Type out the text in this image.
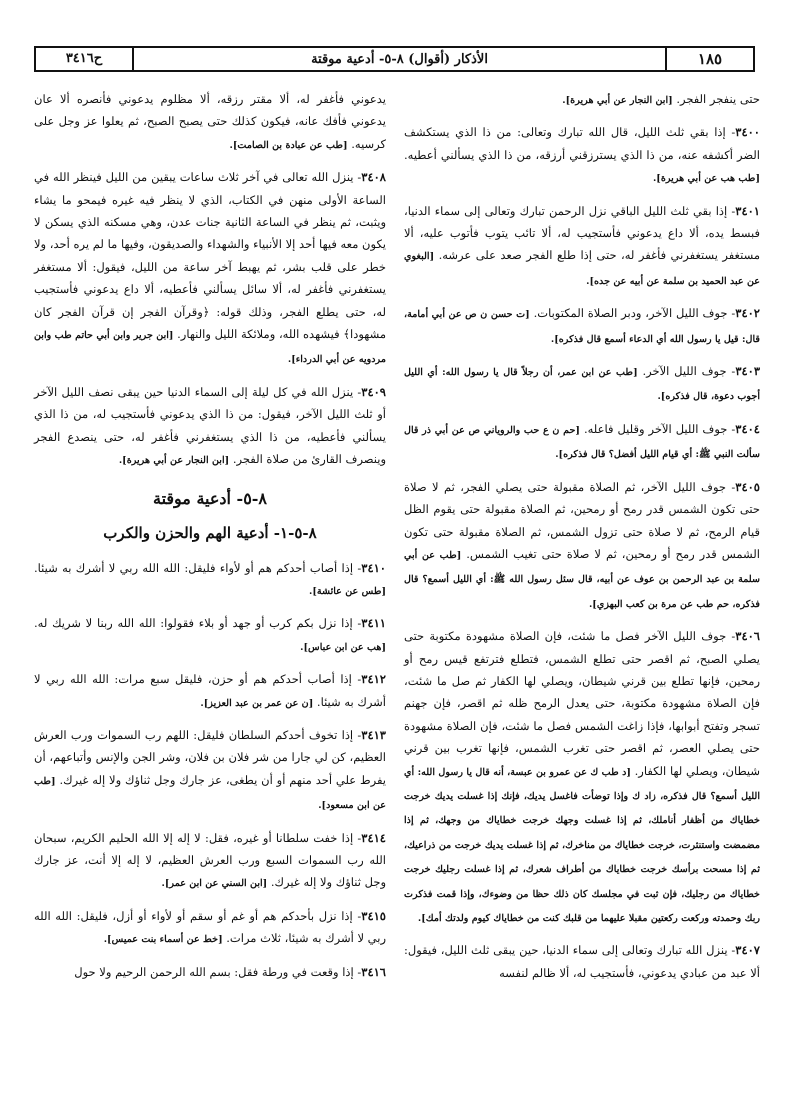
١٨٥
الأذكار (أقوال) ٨-٥- أدعية موقتة
ح٣٤١٦

حتى ينفجر الفجر. [ابن النجار عن أبي هريرة].

٣٤٠٠- إذا بقي ثلث الليل، قال الله تبارك وتعالى: من ذا الذي يستكشف الضر أكشفه عنه، من ذا الذي يسترزقني أرزقه، من ذا الذي يسألني أعطيه. [طب هب عن أبي هريرة].

٣٤٠١- إذا بقي ثلث الليل الباقي نزل الرحمن تبارك وتعالى إلى سماء الدنيا، فبسط يده، ألا داع يدعوني فأستجيب له، ألا تائب يتوب فأتوب عليه، ألا مستغفر يستغفرني فأغفر له، حتى إذا طلع الفجر صعد على عرشه. [البغوي عن عبد الحميد بن سلمة عن أبيه عن جده].

٣٤٠٢- جوف الليل الآخر، ودبر الصلاة المكتوبات. [ت حسن ن ص عن أبي أمامة، قال: قيل يا رسول الله أي الدعاء أسمع قال فذكره].

٣٤٠٣- جوف الليل الآخر. [طب عن ابن عمر، أن رجلاً قال يا رسول الله: أي الليل أجوب دعوة، قال فذكره].

٣٤٠٤- جوف الليل الآخر وقليل فاعله. [حم ن ع حب والروياني ص عن أبي ذر قال سألت النبي ﷺ: أي قيام الليل أفضل؟ قال فذكره].

٣٤٠٥- جوف الليل الآخر، ثم الصلاة مقبولة حتى يصلي الفجر، ثم لا صلاة حتى تكون الشمس قدر رمح أو رمحين، ثم الصلاة مقبولة حتى يقوم الظل قيام الرمح، ثم لا صلاة حتى تزول الشمس، ثم الصلاة مقبولة حتى تكون الشمس قدر رمح أو رمحين، ثم لا صلاة حتى تغيب الشمس. [طب عن أبي سلمة بن عبد الرحمن بن عوف عن أبيه، قال سئل رسول الله ﷺ: أي الليل أسمع؟ قال فذكره، حم طب عن مرة بن كعب البهزي].

٣٤٠٦- جوف الليل الآخر فصل ما شئت، فإن الصلاة مشهودة مكتوبة حتى يصلي الصبح، ثم اقصر حتى تطلع الشمس، فتطلع فترتفع قيس رمح أو رمحين، فإنها تطلع بين قرني شيطان، ويصلي لها الكفار ثم صل ما شئت، فإن الصلاة مشهودة مكتوبة، حتى يعدل الرمح ظله ثم اقصر، فإن جهنم تسجر وتفتح أبوابها، فإذا زاغت الشمس فصل ما شئت، فإن الصلاة مشهودة حتى يصلي العصر، ثم اقصر حتى تغرب الشمس، فإنها تغرب بين قرني شيطان، ويصلي لها الكفار. [د طب ك عن عمرو بن عبسة، أنه قال يا رسول الله: أي الليل أسمع؟ قال فذكره، زاد ك وإذا توضأت فاغسل يديك، فإنك إذا غسلت يديك خرجت خطاياك من أظفار أناملك، ثم إذا غسلت وجهك خرجت خطاياك من وجهك، ثم إذا مضمضت واستنثرت، خرجت خطاياك من مناخرك، ثم إذا غسلت يديك خرجت من ذراعيك، ثم إذا مسحت برأسك خرجت خطاياك من أطراف شعرك، ثم إذا غسلت رجليك خرجت خطاياك من رجليك، فإن ثبت في مجلسك كان ذلك حظا من وضوءك، وإذا قمت فذكرت ربك وحمدته وركعت ركعتين مقبلا عليهما من قلبك كنت من خطاياك كيوم ولدتك أمك].

٣٤٠٧- ينزل الله تبارك وتعالى إلى سماء الدنيا، حين يبقى ثلث الليل، فيقول: ألا عبد من عبادي يدعوني، فأستجيب له، ألا ظالم لنفسه

يدعوني فأغفر له، ألا مقتر رزقه، ألا مظلوم يدعوني فأنصره ألا عان يدعوني فأفك عانه، فيكون كذلك حتى يصبح الصبح، ثم يعلوا عز وجل على كرسيه. [طب عن عبادة بن الصامت].

٣٤٠٨- ينزل الله تعالى في آخر ثلاث ساعات يبقين من الليل فينظر الله في الساعة الأولى منهن في الكتاب، الذي لا ينظر فيه غيره فيمحو ما يشاء ويثبت، ثم ينظر في الساعة الثانية جنات عدن، وهي مسكنه الذي يسكن لا يكون معه فيها أحد إلا الأنبياء والشهداء والصديقون، وفيها ما لم يره أحد، ولا خطر على قلب بشر، ثم يهبط آخر ساعة من الليل، فيقول: ألا مستغفر يستغفرني فأغفر له، ألا سائل يسألني فأعطيه، ألا داع يدعوني فأستجيب له، حتى يطلع الفجر، وذلك قوله: ﴿وقرآن الفجر إن قرآن الفجر كان مشهودا﴾ فيشهده الله، وملائكة الليل والنهار. [ابن جرير وابن أبي حاتم طب وابن مردويه عن أبي الدرداء].

٣٤٠٩- ينزل الله في كل ليلة إلى السماء الدنيا حين يبقى نصف الليل الآخر أو ثلث الليل الآخر، فيقول: من ذا الذي يدعوني فأستجيب له، من ذا الذي يسألني فأعطيه، من ذا الذي يستغفرني فأغفر له، حتى ينصدع الفجر وينصرف القارئ من صلاة الفجر. [ابن النجار عن أبي هريرة].

٨-٥- أدعية موقتة
٨-٥-١- أدعية الهم والحزن والكرب

٣٤١٠- إذا أصاب أحدكم هم أو لأواء فليقل: الله الله ربي لا أشرك به شيئا. [طس عن عائشة].

٣٤١١- إذا نزل بكم كرب أو جهد أو بلاء فقولوا: الله الله ربنا لا شريك له. [هب عن ابن عباس].

٣٤١٢- إذا أصاب أحدكم هم أو حزن، فليقل سبع مرات: الله الله ربي لا أشرك به شيئا. [ن عن عمر بن عبد العزيز].

٣٤١٣- إذا تخوف أحدكم السلطان فليقل: اللهم رب السموات ورب العرش العظيم، كن لي جارا من شر فلان بن فلان، وشر الجن والإنس وأتباعهم، أن يفرط علي أحد منهم أو أن يطغى، عز جارك وجل ثناؤك ولا إله غيرك. [طب عن ابن مسعود].

٣٤١٤- إذا خفت سلطانا أو غيره، فقل: لا إله إلا الله الحليم الكريم، سبحان الله رب السموات السبع ورب العرش العظيم، لا إله إلا أنت، عز جارك وجل ثناؤك ولا إله غيرك. [ابن السني عن ابن عمر].

٣٤١٥- إذا نزل بأحدكم هم أو غم أو سقم أو لأواء أو أزل، فليقل: الله الله ربي لا أشرك به شيئا، ثلاث مرات. [خط عن أسماء بنت عميس].

٣٤١٦- إذا وقعت في ورطة فقل: بسم الله الرحمن الرحيم ولا حول
